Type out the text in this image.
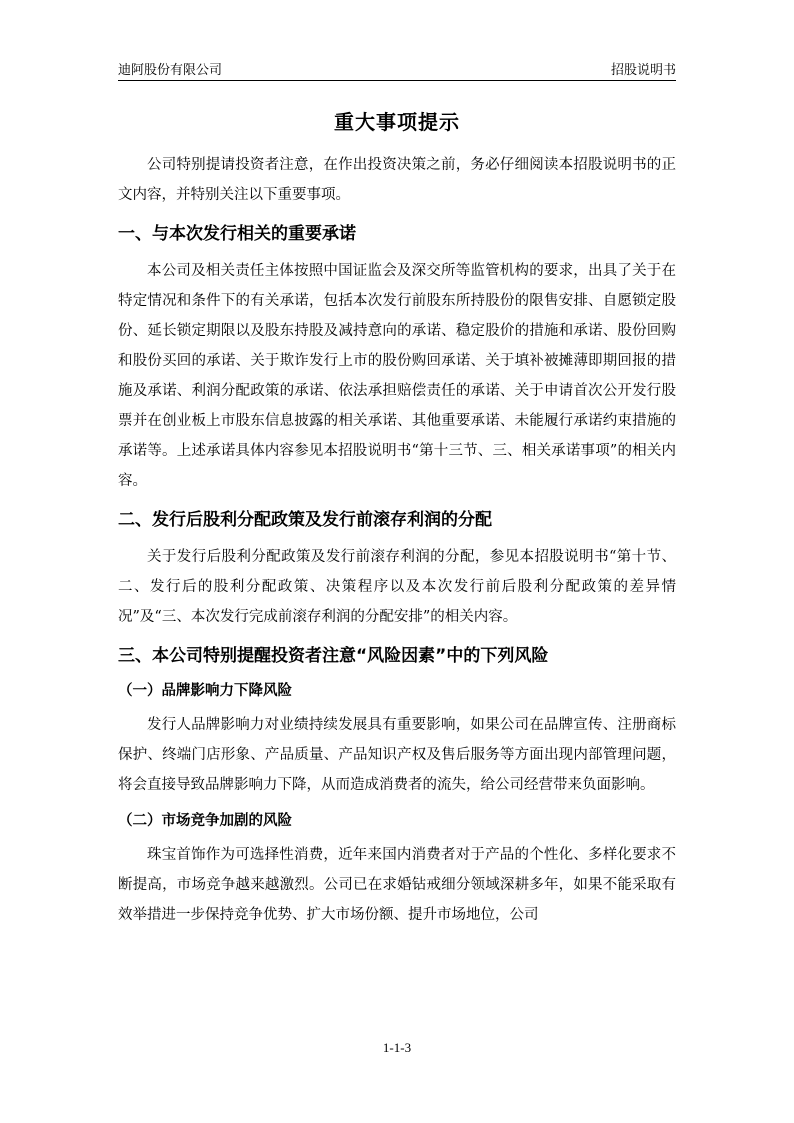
迪阿股份有限公司	招股说明书
重大事项提示

公司特别提请投资者注意，在作出投资决策之前，务必仔细阅读本招股说明书的正文内容，并特别关注以下重要事项。

一、与本次发行相关的重要承诺

本公司及相关责任主体按照中国证监会及深交所等监管机构的要求，出具了关于在特定情况和条件下的有关承诺，包括本次发行前股东所持股份的限售安排、自愿锁定股份、延长锁定期限以及股东持股及减持意向的承诺、稳定股价的措施和承诺、股份回购和股份买回的承诺、关于欺诈发行上市的股份购回承诺、关于填补被摊薄即期回报的措施及承诺、利润分配政策的承诺、依法承担赔偿责任的承诺、关于申请首次公开发行股票并在创业板上市股东信息披露的相关承诺、其他重要承诺、未能履行承诺约束措施的承诺等。上述承诺具体内容参见本招股说明书“第十三节、三、相关承诺事项”的相关内容。

二、发行后股利分配政策及发行前滚存利润的分配

关于发行后股利分配政策及发行前滚存利润的分配，参见本招股说明书“第十节、二、发行后的股利分配政策、决策程序以及本次发行前后股利分配政策的差异情况”及“三、本次发行完成前滚存利润的分配安排”的相关内容。

三、本公司特别提醒投资者注意“风险因素”中的下列风险
（一）品牌影响力下降风险

发行人品牌影响力对业绩持续发展具有重要影响，如果公司在品牌宣传、注册商标保护、终端门店形象、产品质量、产品知识产权及售后服务等方面出现内部管理问题，将会直接导致品牌影响力下降，从而造成消费者的流失，给公司经营带来负面影响。

（二）市场竞争加剧的风险

珠宝首饰作为可选择性消费，近年来国内消费者对于产品的个性化、多样化要求不断提高，市场竞争越来越激烈。公司已在求婚钻戒细分领域深耕多年，如果不能采取有效举措进一步保持竞争优势、扩大市场份额、提升市场地位，公司

1-1-3
